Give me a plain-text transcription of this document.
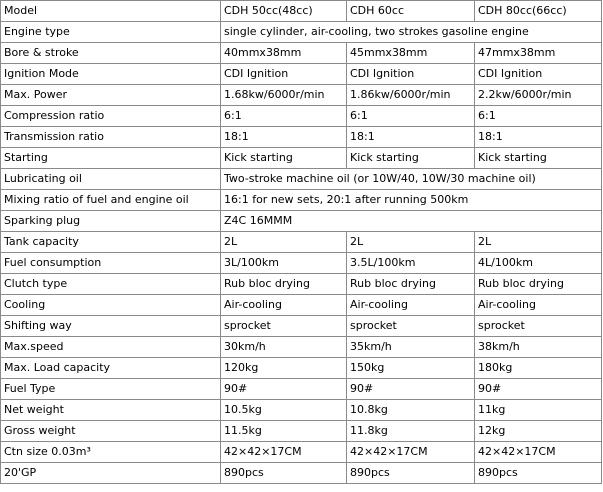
Model	CDH 50cc(48cc)	CDH 60cc	CDH 80cc(66cc)
Engine type	single cylinder, air-cooling, two strokes gasoline engine		
Bore & stroke	40mmx38mm	45mmx38mm	47mmx38mm
Ignition Mode	CDI Ignition	CDI Ignition	CDI Ignition
Max. Power	1.68kw/6000r/min	1.86kw/6000r/min	2.2kw/6000r/min
Compression ratio	6:1	6:1	6:1
Transmission ratio	18:1	18:1	18:1
Starting	Kick starting	Kick starting	Kick starting
Lubricating oil	Two-stroke machine oil (or 10W/40, 10W/30 machine oil)		
Mixing ratio of fuel and engine oil	16:1 for new sets, 20:1 after running 500km		
Sparking plug	Z4C 16MMM		
Tank capacity	2L	2L	2L
Fuel consumption	3L/100km	3.5L/100km	4L/100km
Clutch type	Rub bloc drying	Rub bloc drying	Rub bloc drying
Cooling	Air-cooling	Air-cooling	Air-cooling
Shifting way	sprocket	sprocket	sprocket
Max.speed	30km/h	35km/h	38km/h
Max. Load capacity	120kg	150kg	180kg
Fuel Type	90#	90#	90#
Net weight	10.5kg	10.8kg	11kg
Gross weight	11.5kg	11.8kg	12kg
Ctn size 0.03m³	42×42×17CM	42×42×17CM	42×42×17CM
20'GP	890pcs	890pcs	890pcs
